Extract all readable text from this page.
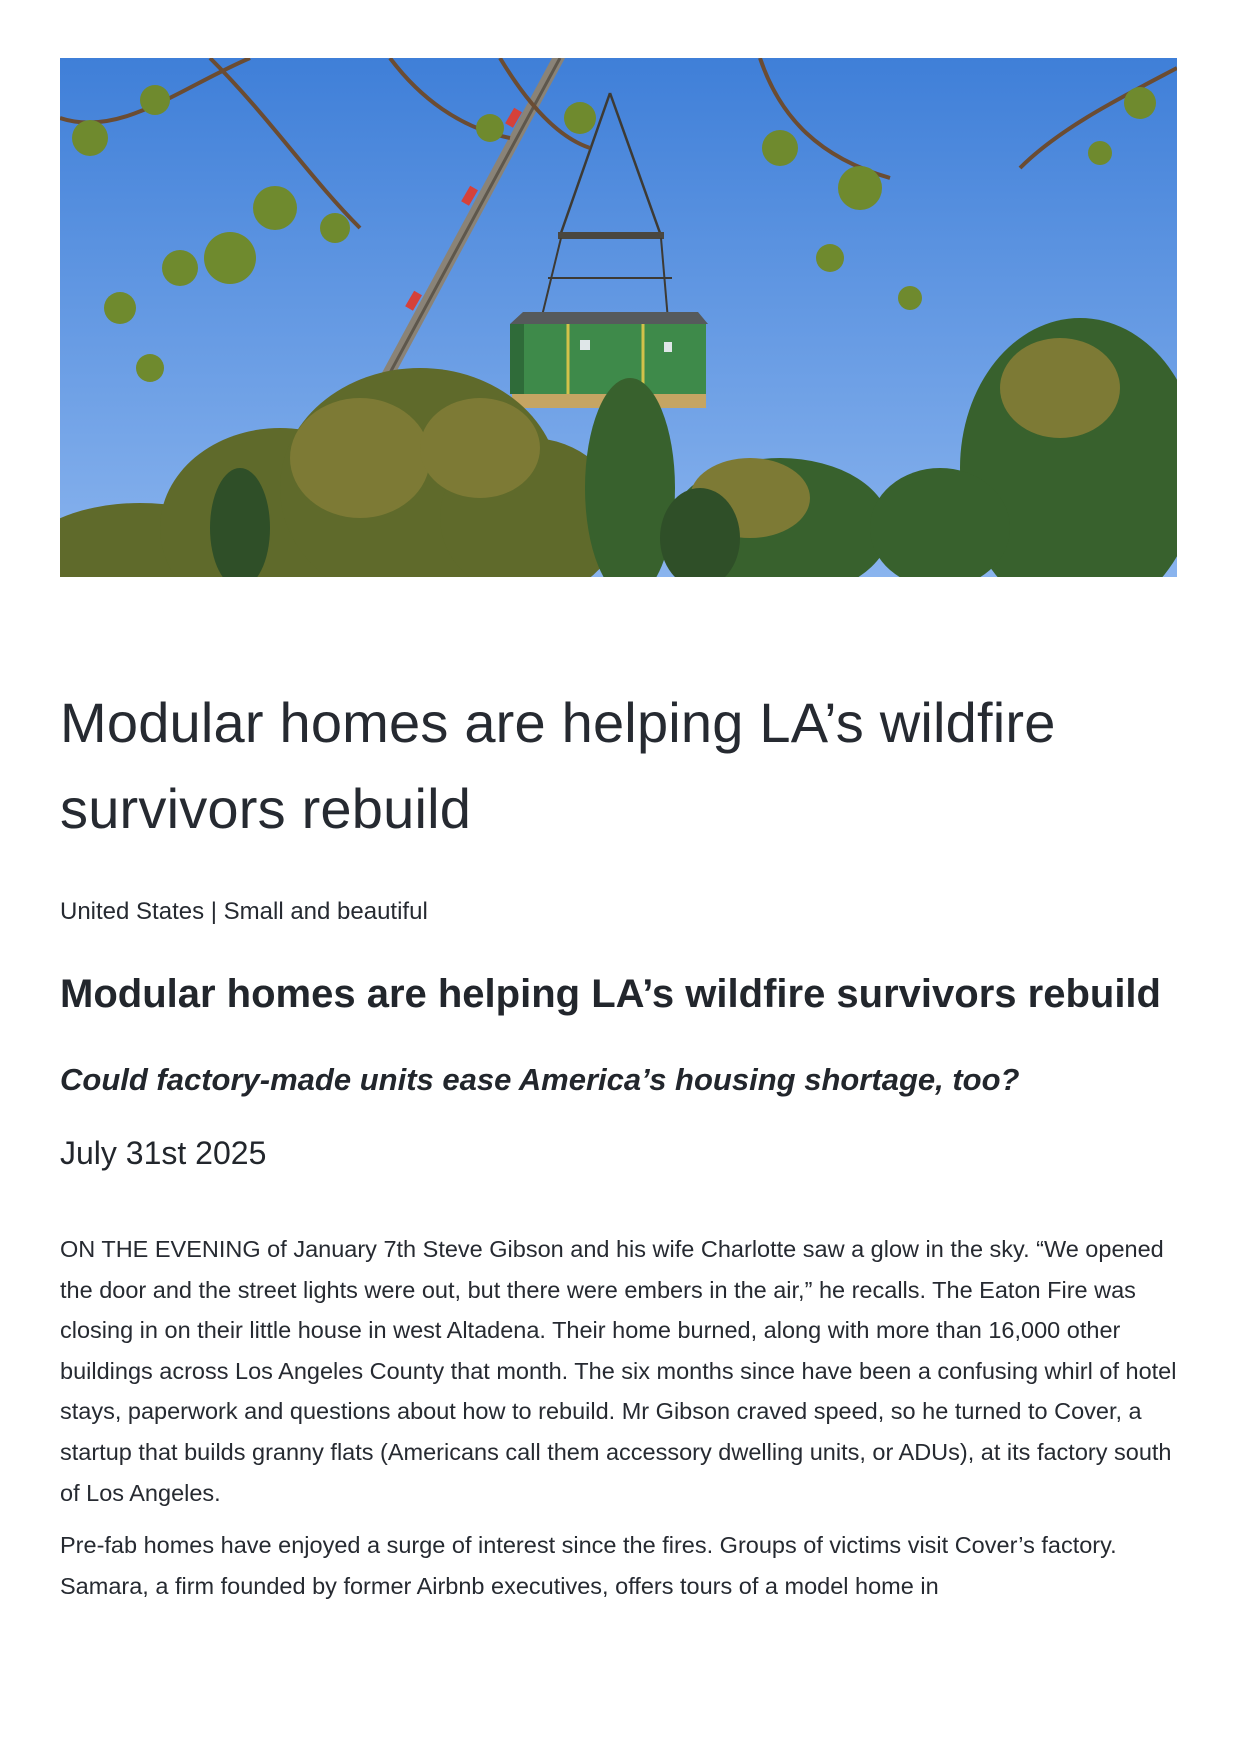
Modular homes are helping LA’s wildfire survivors rebuild
United States | Small and beautiful
Modular homes are helping LA’s wildfire survivors rebuild
Could factory-made units ease America’s housing shortage, too?
July 31st 2025

ON THE EVENING of January 7th Steve Gibson and his wife Charlotte saw a glow in the sky. “We opened the door and the street lights were out, but there were embers in the air,” he recalls. The Eaton Fire was closing in on their little house in west Altadena. Their home burned, along with more than 16,000 other buildings across Los Angeles County that month. The six months since have been a confusing whirl of hotel stays, paperwork and questions about how to rebuild. Mr Gibson craved speed, so he turned to Cover, a startup that builds granny flats (Americans call them accessory dwelling units, or ADUs), at its factory south of Los Angeles.

Pre-fab homes have enjoyed a surge of interest since the fires. Groups of victims visit Cover’s factory. Samara, a firm founded by former Airbnb executives, offers tours of a model home in
